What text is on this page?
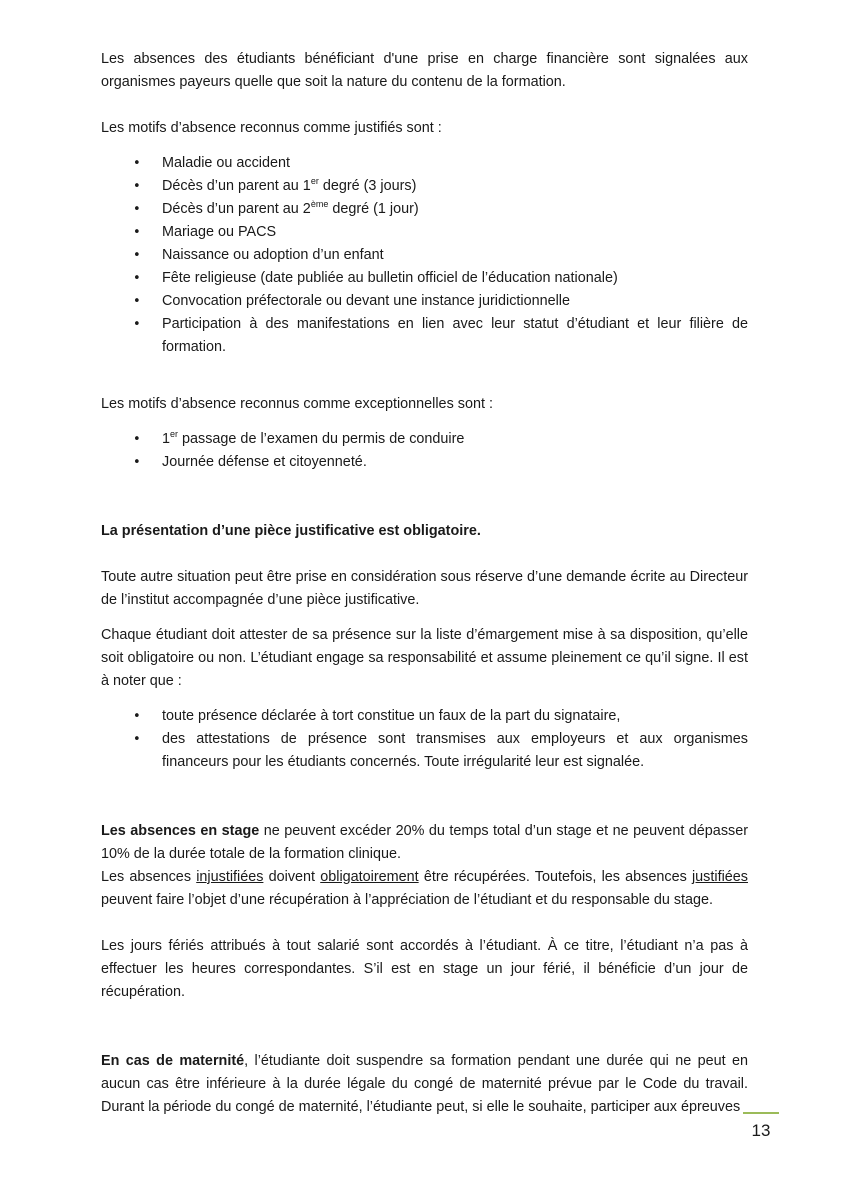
Les absences des étudiants bénéficiant d'une prise en charge financière sont signalées aux organismes payeurs quelle que soit la nature du contenu de la formation.

Les motifs d’absence reconnus comme justifiés sont :

• Maladie ou accident
• Décès d’un parent au 1er degré (3 jours)
• Décès d’un parent au 2ème degré (1 jour)
• Mariage ou PACS
• Naissance ou adoption d’un enfant
• Fête religieuse (date publiée au bulletin officiel de l’éducation nationale)
• Convocation préfectorale ou devant une instance juridictionnelle
• Participation à des manifestations en lien avec leur statut d’étudiant et leur filière de formation.

Les motifs d’absence reconnus comme exceptionnelles sont :

• 1er passage de l’examen du permis de conduire
• Journée défense et citoyenneté.

La présentation d’une pièce justificative est obligatoire.

Toute autre situation peut être prise en considération sous réserve d’une demande écrite au Directeur de l’institut accompagnée d’une pièce justificative.

Chaque étudiant doit attester de sa présence sur la liste d’émargement mise à sa disposition, qu’elle soit obligatoire ou non. L’étudiant engage sa responsabilité et assume pleinement ce qu’il signe. Il est à noter que :

• toute présence déclarée à tort constitue un faux de la part du signataire,
• des attestations de présence sont transmises aux employeurs et aux organismes financeurs pour les étudiants concernés. Toute irrégularité leur est signalée.

Les absences en stage ne peuvent excéder 20% du temps total d’un stage et ne peuvent dépasser 10% de la durée totale de la formation clinique.

Les absences injustifiées doivent obligatoirement être récupérées. Toutefois, les absences justifiées peuvent faire l’objet d’une récupération à l’appréciation de l’étudiant et du responsable du stage.

Les jours fériés attribués à tout salarié sont accordés à l’étudiant. À ce titre, l’étudiant n’a pas à effectuer les heures correspondantes. S’il est en stage un jour férié, il bénéficie d’un jour de récupération.

En cas de maternité, l’étudiante doit suspendre sa formation pendant une durée qui ne peut en aucun cas être inférieure à la durée légale du congé de maternité prévue par le Code du travail. Durant la période du congé de maternité, l’étudiante peut, si elle le souhaite, participer aux épreuves

13
